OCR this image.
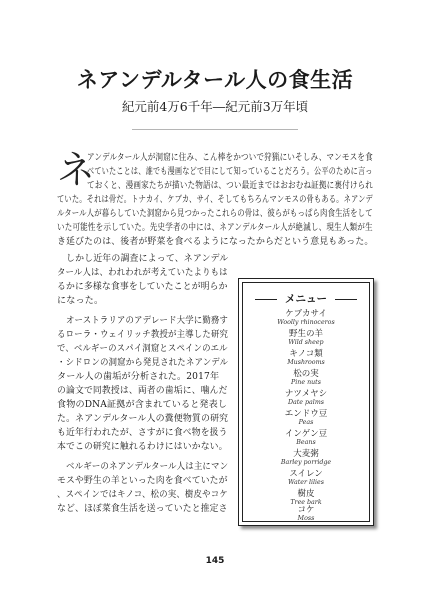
ネアンデルタール人の食生活

紀元前4万6千年―紀元前3万年頃

ネ

アンデルタール人が洞窟に住み、こん棒をかついで狩猟にいそしみ、マンモスを食

べていたことは、誰でも漫画などで目にして知っていることだろう。公平のために言っ

ておくと、漫画家たちが描いた物語は、つい最近まではおおむね証拠に裏付けられ

ていた。それは骨だ。トナカイ、ケブカ、サイ、そしてもちろんマンモスの骨もある。ネアンデ

ルタール人が暮らしていた洞窟から見つかったこれらの骨は、彼らがもっぱら肉食生活をして

いた可能性を示していた。先史学者の中には、ネアンデルタール人が絶滅し、現生人類が生

き延びたのは、後者が野菜を食べるようになったからだという意見もあった。

しかし近年の調査によって、ネアンデル

タール人は、われわれが考えていたよりもは

るかに多様な食事をしていたことが明らか

になった。

オーストラリアのアデレード大学に勤務す

るローラ・ウェイリッチ教授が主導した研究

で、ベルギーのスパイ洞窟とスペインのエル

・シドロンの洞窟から発見されたネアンデル

タール人の歯垢が分析された。2017年

の論文で同教授は、両者の歯垢に、噛んだ

食物のDNA証拠が含まれていると発表し

た。ネアンデルタール人の糞便物質の研究

も近年行われたが、さすがに食べ物を扱う

本でこの研究に触れるわけにはいかない。

ベルギーのネアンデルタール人は主にマン

モスや野生の羊といった肉を食べていたが

、スペインではキノコ、松の実、樹皮やコケ

など、ほぼ菜食生活を送っていたと推定さ

メニュー
ケブカサイ
Woolly rhinoceros
野生の羊
Wild sheep
キノコ類
Mushrooms
松の実
Pine nuts
ナツメヤシ
Date palms
エンドウ豆
Peas
インゲン豆
Beans
大麦粥
Barley porridge
スイレン
Water lilies
樹皮
Tree bark
コケ
Moss
145
